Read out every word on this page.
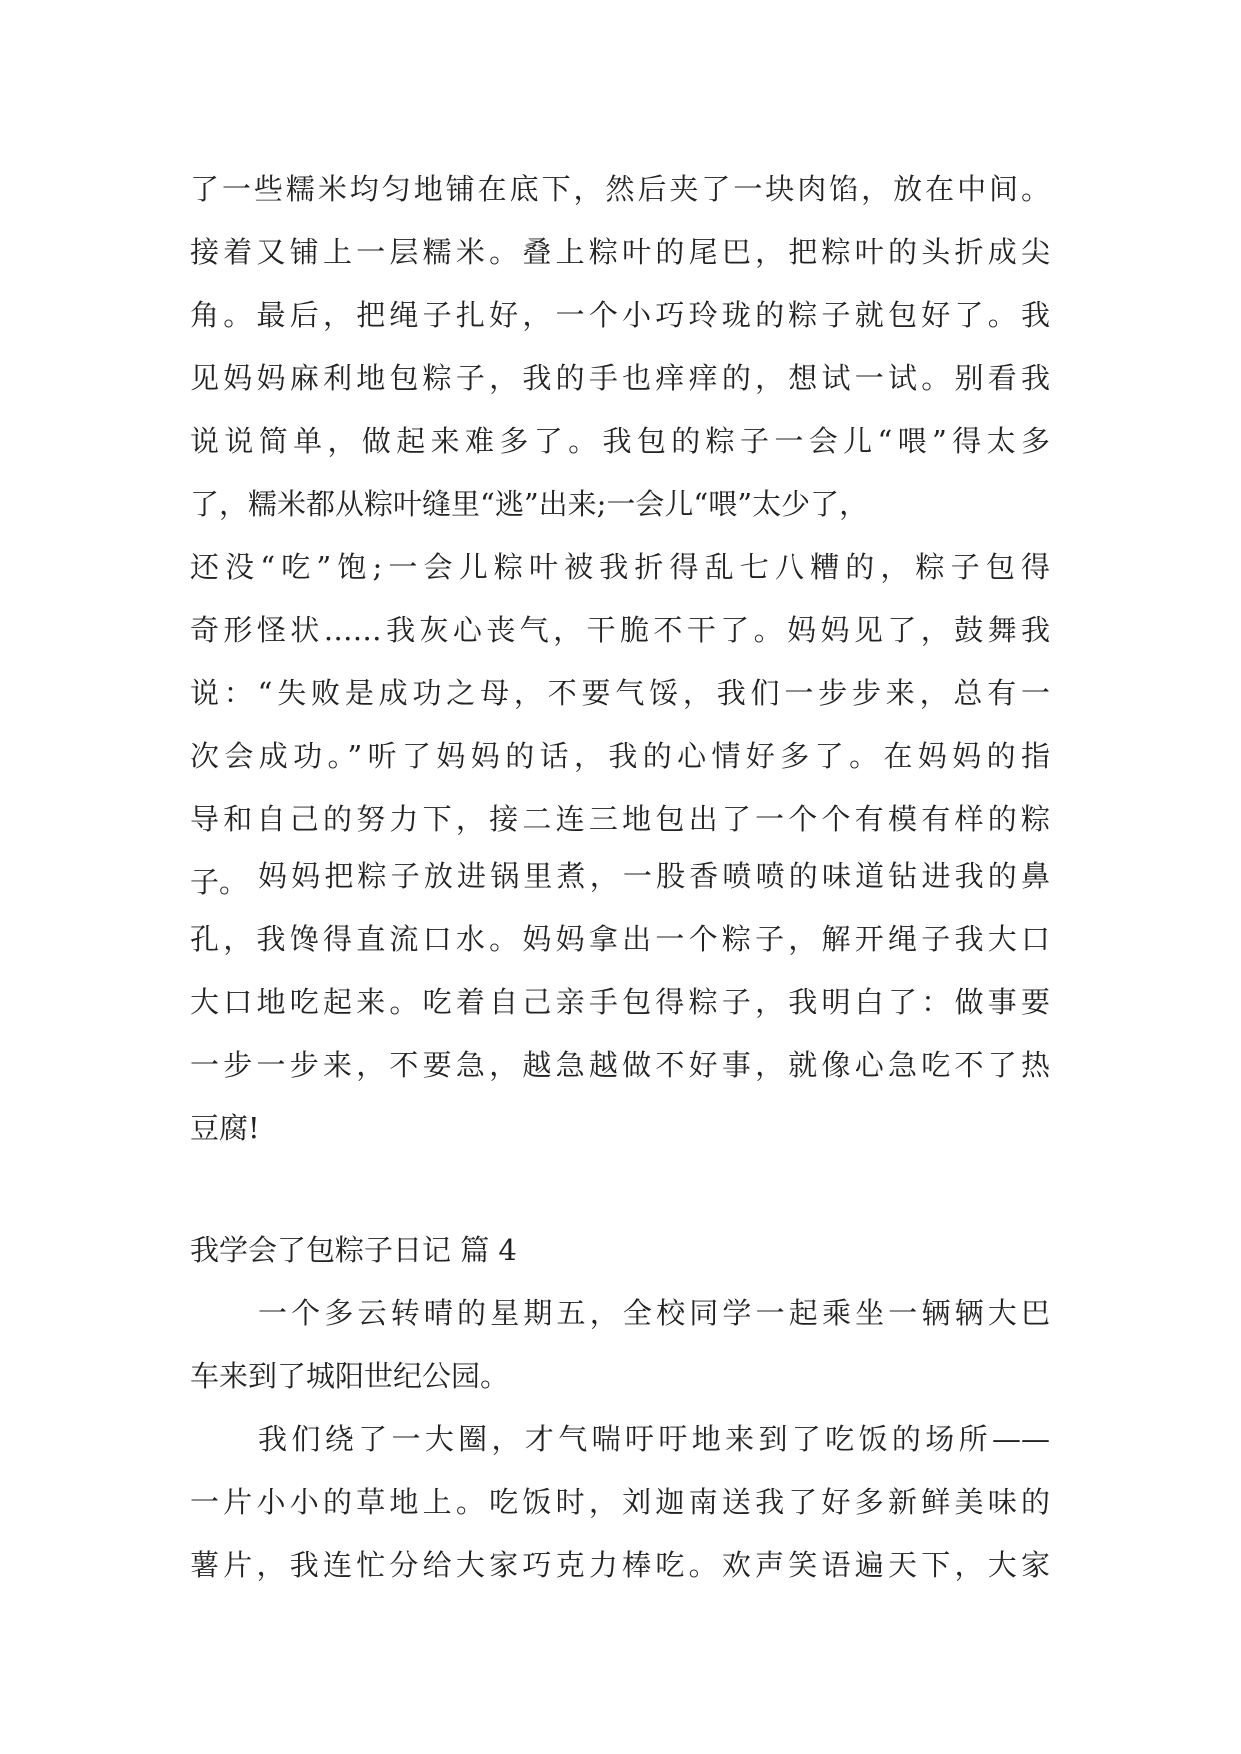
了一些糯米均匀地铺在底下，然后夹了一块肉馅，放在中间。
接着又铺上一层糯米。叠上粽叶的尾巴，把粽叶的头折成尖
角。最后，把绳子扎好，一个小巧玲珑的粽子就包好了。我
见妈妈麻利地包粽子，我的手也痒痒的，想试一试。别看我
说说简单，做起来难多了。我包的粽子一会儿“喂”得太多
了，糯米都从粽叶缝里“逃”出来;一会儿“喂”太少了，
还没“吃”饱;一会儿粽叶被我折得乱七八糟的，粽子包得
奇形怪状……我灰心丧气，干脆不干了。妈妈见了，鼓舞我
说：“失败是成功之母，不要气馁，我们一步步来，总有一
次会成功。”听了妈妈的话，我的心情好多了。在妈妈的指
导和自己的努力下，接二连三地包出了一个个有模有样的粽
子。 妈妈把粽子放进锅里煮，一股香喷喷的味道钻进我的鼻
孔，我馋得直流口水。妈妈拿出一个粽子，解开绳子我大口
大口地吃起来。吃着自己亲手包得粽子，我明白了：做事要
一步一步来，不要急，越急越做不好事，就像心急吃不了热
豆腐!
我学会了包粽子日记 篇 4
一个多云转晴的星期五，全校同学一起乘坐一辆辆大巴
车来到了城阳世纪公园。
我们绕了一大圈，才气喘吁吁地来到了吃饭的场所——
一片小小的草地上。吃饭时，刘迦南送我了好多新鲜美味的
薯片，我连忙分给大家巧克力棒吃。欢声笑语遍天下，大家
